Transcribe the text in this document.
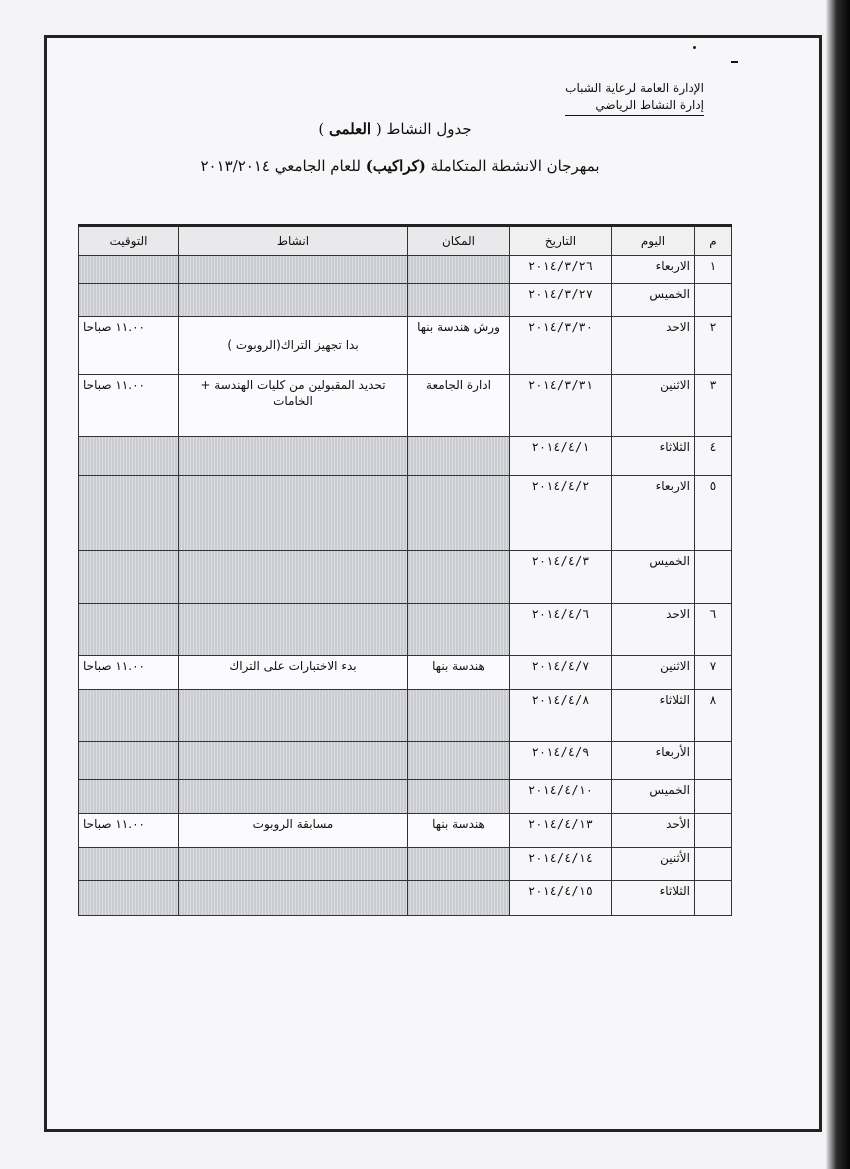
الإدارة العامة لرعاية الشباب
إدارة النشاط الرياضي
جدول النشاط ( العلمى )
بمهرجان الانشطة المتكاملة (كراكيب) للعام الجامعي ٢٠١٣/٢٠١٤
م	اليوم	التاريخ	المكان	انشاط	التوقيت
١	الاربعاء	٢٠١٤/٣/٢٦			
	الخميس	٢٠١٤/٣/٢٧			
٢	الاحد	٢٠١٤/٣/٣٠	ورش هندسة بنها	بدا تجهيز التراك(الروبوت )	١١.٠٠ صباحا
٣	الاثنين	٢٠١٤/٣/٣١	ادارة الجامعة	تحديد المقبولين من كليات الهندسة + الخامات	١١.٠٠ صباحا
٤	الثلاثاء	٢٠١٤/٤/١			
٥	الاربعاء	٢٠١٤/٤/٢			
	الخميس	٢٠١٤/٤/٣			
٦	الاحد	٢٠١٤/٤/٦			
٧	الاثنين	٢٠١٤/٤/٧	هندسة بنها	بدء الاختبارات على التراك	١١.٠٠ صباحا
٨	الثلاثاء	٢٠١٤/٤/٨			
	الأربعاء	٢٠١٤/٤/٩			
	الخميس	٢٠١٤/٤/١٠			
	الأحد	٢٠١٤/٤/١٣	هندسة بنها	مسابقة الروبوت	١١.٠٠ صباحا
	الأثنين	٢٠١٤/٤/١٤			
	الثلاثاء	٢٠١٤/٤/١٥			
